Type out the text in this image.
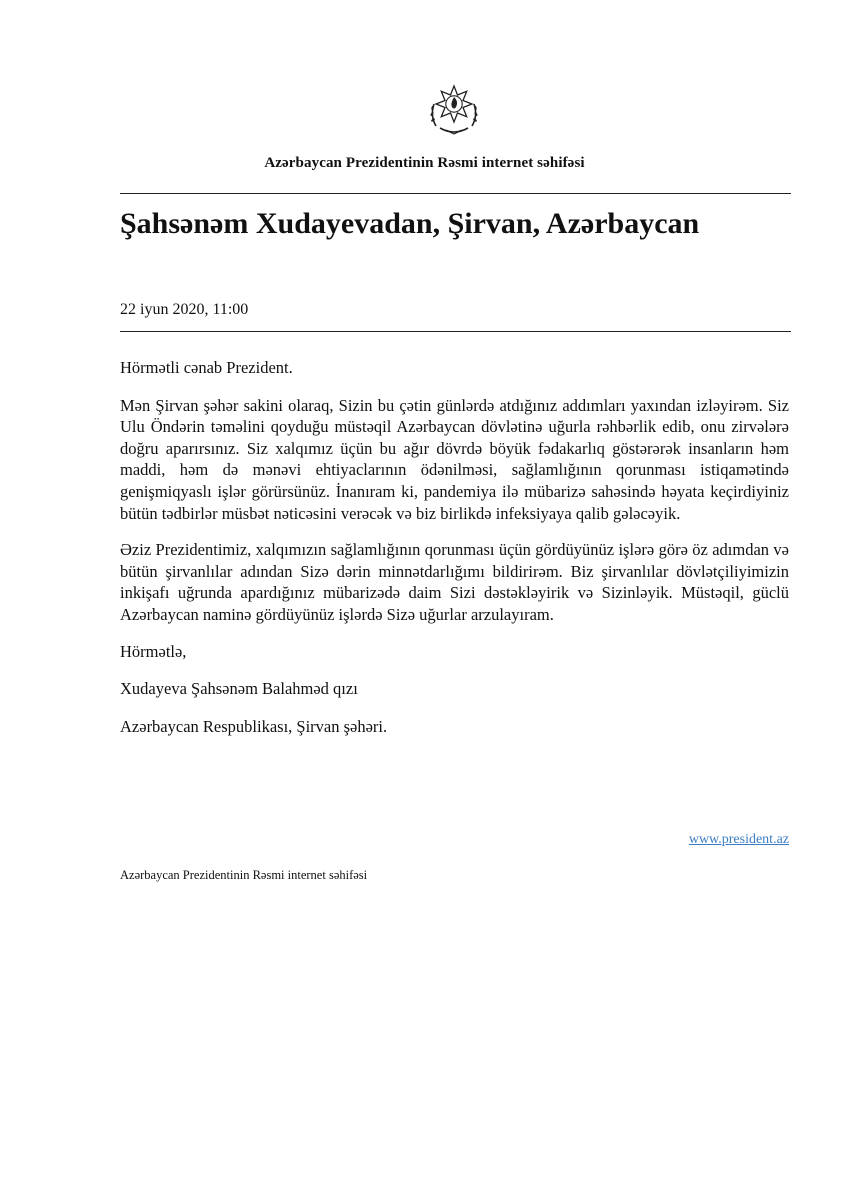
Azərbaycan Prezidentinin Rəsmi internet səhifəsi
Şahsənəm Xudayevadan, Şirvan, Azərbaycan
22 iyun 2020, 11:00

Hörmətli cənab Prezident.

Mən Şirvan şəhər sakini olaraq, Sizin bu çətin günlərdə atdığınız addımları yaxından izləyirəm. Siz Ulu Öndərin təməlini qoyduğu müstəqil Azərbaycan dövlətinə uğurla rəhbərlik edib, onu zirvələrə doğru aparırsınız. Siz xalqımız üçün bu ağır dövrdə böyük fədakarlıq göstərərək insanların həm maddi, həm də mənəvi ehtiyaclarının ödənilməsi, sağlamlığının qorunması istiqamətində genişmiqyaslı işlər görürsünüz. İnanıram ki, pandemiya ilə mübarizə sahəsində həyata keçirdiyiniz bütün tədbirlər müsbət nəticəsini verəcək və biz birlikdə infeksiyaya qalib gələcəyik.

Əziz Prezidentimiz, xalqımızın sağlamlığının qorunması üçün gördüyünüz işlərə görə öz adımdan və bütün şirvanlılar adından Sizə dərin minnətdarlığımı bildirirəm. Biz şirvanlılar dövlətçiliyimizin inkişafı uğrunda apardığınız mübarizədə daim Sizi dəstəkləyirik və Sizinləyik. Müstəqil, güclü Azərbaycan naminə gördüyünüz işlərdə Sizə uğurlar arzulayıram.

Hörmətlə,

Xudayeva Şahsənəm Balahməd qızı

Azərbaycan Respublikası, Şirvan şəhəri.

www.president.az
Azərbaycan Prezidentinin Rəsmi internet səhifəsi
